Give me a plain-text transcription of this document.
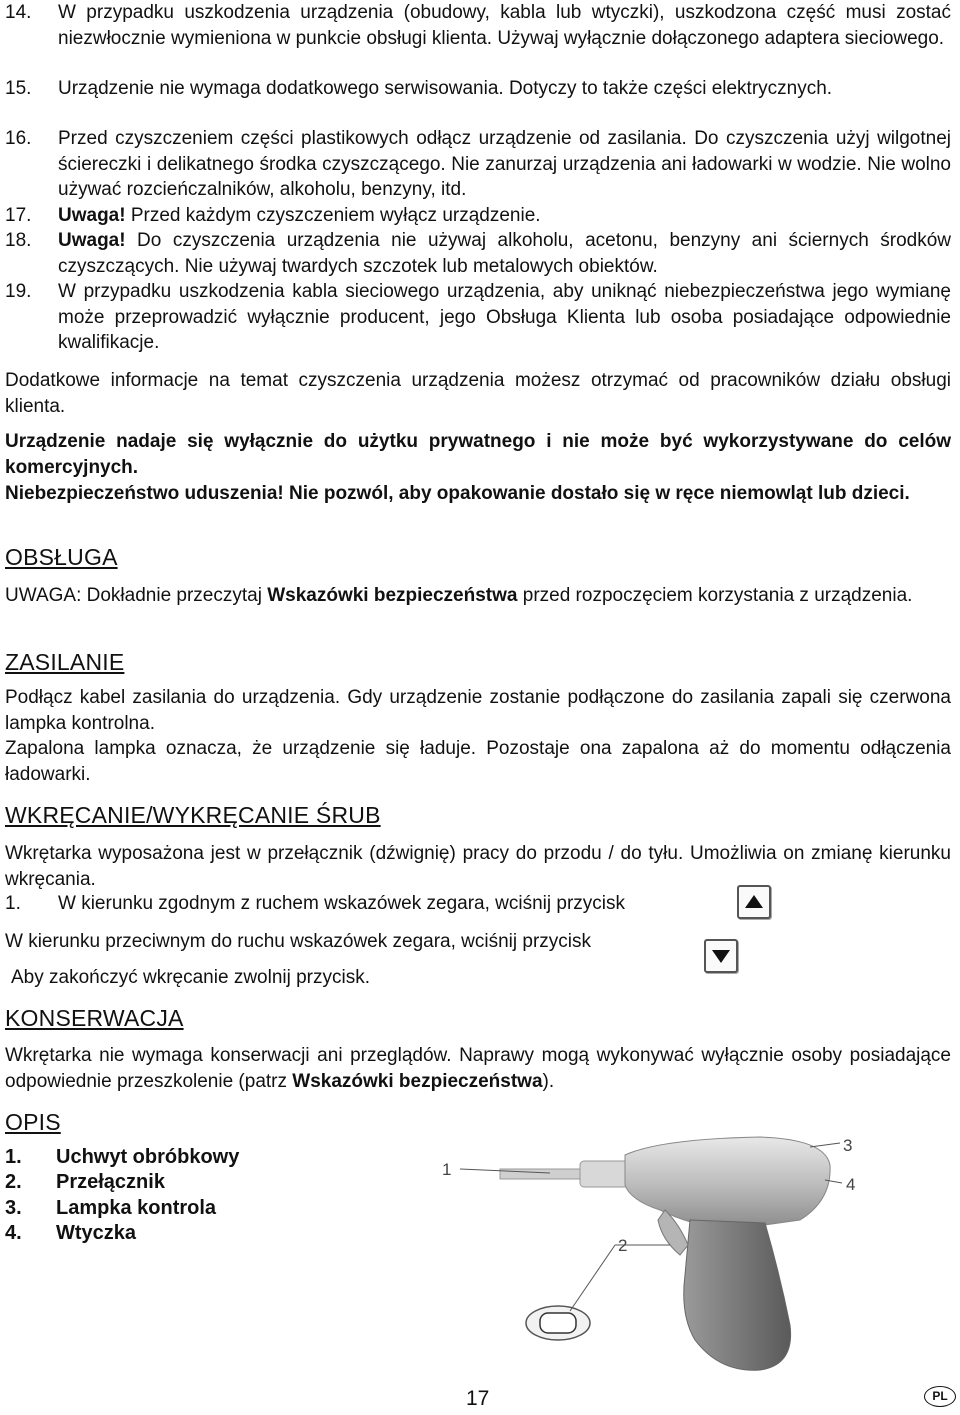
14. W przypadku uszkodzenia urządzenia (obudowy, kabla lub wtyczki), uszkodzona część musi zostać niezwłocznie wymieniona w punkcie obsługi klienta. Używaj wyłącznie dołączonego adaptera sieciowego.
15. Urządzenie nie wymaga dodatkowego serwisowania. Dotyczy to także części elektrycznych.
16. Przed czyszczeniem części plastikowych odłącz urządzenie od zasilania. Do czyszczenia użyj wilgotnej ściereczki i delikatnego środka czyszczącego. Nie zanurzaj urządzenia ani ładowarki w wodzie. Nie wolno używać rozcieńczalników, alkoholu, benzyny, itd.
17. Uwaga! Przed każdym czyszczeniem wyłącz urządzenie.
18. Uwaga! Do czyszczenia urządzenia nie używaj alkoholu, acetonu, benzyny ani ściernych środków czyszczących. Nie używaj twardych szczotek lub metalowych obiektów.
19. W przypadku uszkodzenia kabla sieciowego urządzenia, aby uniknąć niebezpieczeństwa jego wymianę może przeprowadzić wyłącznie producent, jego Obsługa Klienta lub osoba posiadające odpowiednie kwalifikacje.
Dodatkowe informacje na temat czyszczenia urządzenia możesz otrzymać od pracowników działu obsługi klienta.
Urządzenie nadaje się wyłącznie do użytku prywatnego i nie może być wykorzystywane do celów komercyjnych.
Niebezpieczeństwo uduszenia! Nie pozwól, aby opakowanie dostało się w ręce niemowląt lub dzieci.
OBSŁUGA
UWAGA: Dokładnie przeczytaj Wskazówki bezpieczeństwa przed rozpoczęciem korzystania z urządzenia.
ZASILANIE
Podłącz kabel zasilania do urządzenia. Gdy urządzenie zostanie podłączone do zasilania zapali się czerwona lampka kontrolna.
Zapalona lampka oznacza, że urządzenie się ładuje. Pozostaje ona zapalona aż do momentu odłączenia ładowarki.
WKRĘCANIE/WYKRĘCANIE ŚRUB
Wkrętarka wyposażona jest w przełącznik (dźwignię) pracy do przodu / do tyłu. Umożliwia on zmianę kierunku wkręcania.
1. W kierunku zgodnym z ruchem wskazówek zegara, wciśnij przycisk
W kierunku przeciwnym do ruchu wskazówek zegara, wciśnij przycisk
Aby zakończyć wkręcanie zwolnij przycisk.
KONSERWACJA
Wkrętarka nie wymaga konserwacji ani przeglądów. Naprawy mogą wykonywać wyłącznie osoby posiadające odpowiednie przeszkolenie (patrz Wskazówki bezpieczeństwa).
OPIS
1. Uchwyt obróbkowy
2. Przełącznik
3. Lampka kontrola
4. Wtyczka
1
2
3
4
17	PL
